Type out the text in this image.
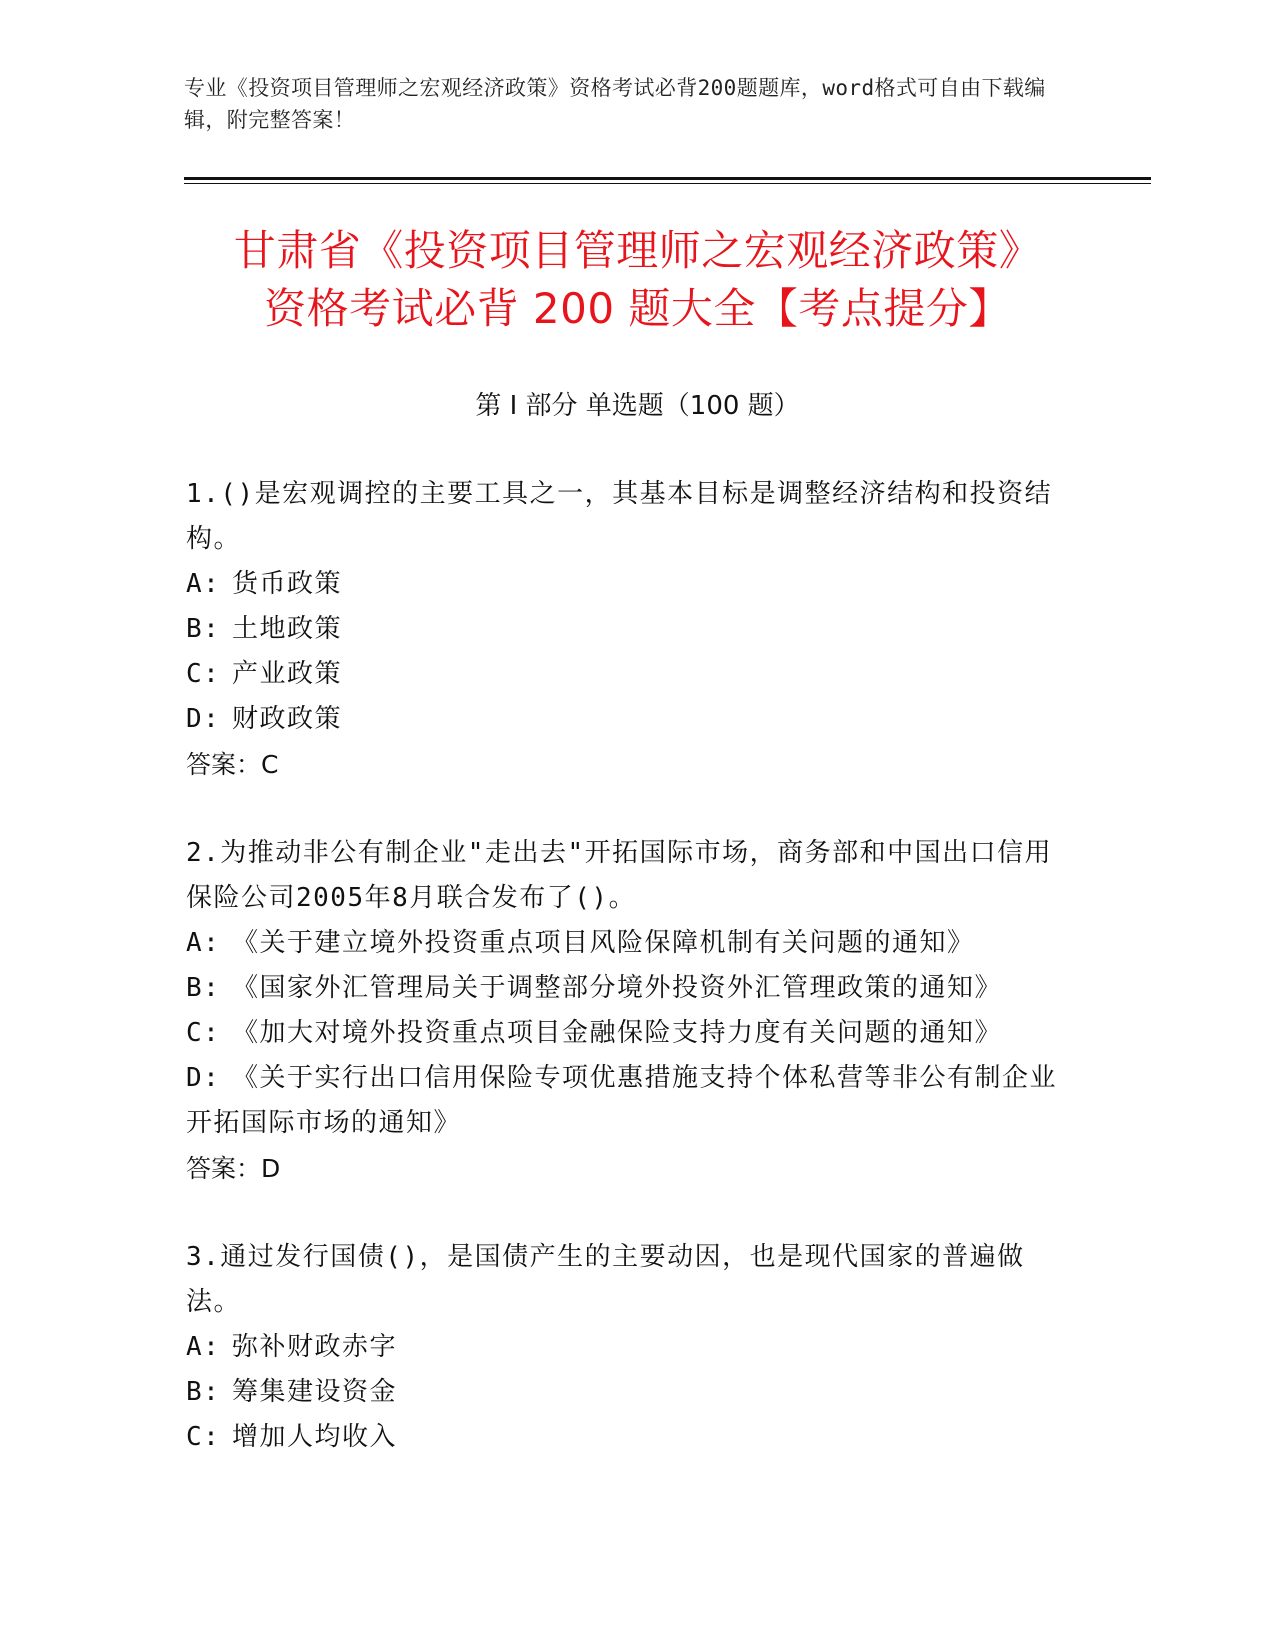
专业《投资项目管理师之宏观经济政策》资格考试必背200题题库，word格式可自由下载编辑，附完整答案！
甘肃省《投资项目管理师之宏观经济政策》
资格考试必背 200 题大全【考点提分】
第 I 部分 单选题（100 题）
1.()是宏观调控的主要工具之一，其基本目标是调整经济结构和投资结构。
A: 货币政策
B: 土地政策
C: 产业政策
D: 财政政策
答案：C
2.为推动非公有制企业"走出去"开拓国际市场，商务部和中国出口信用保险公司2005年8月联合发布了()。
A: 《关于建立境外投资重点项目风险保障机制有关问题的通知》
B: 《国家外汇管理局关于调整部分境外投资外汇管理政策的通知》
C: 《加大对境外投资重点项目金融保险支持力度有关问题的通知》
D: 《关于实行出口信用保险专项优惠措施支持个体私营等非公有制企业开拓国际市场的通知》
答案：D
3.通过发行国债()，是国债产生的主要动因，也是现代国家的普遍做法。
A: 弥补财政赤字
B: 筹集建设资金
C: 增加人均收入
